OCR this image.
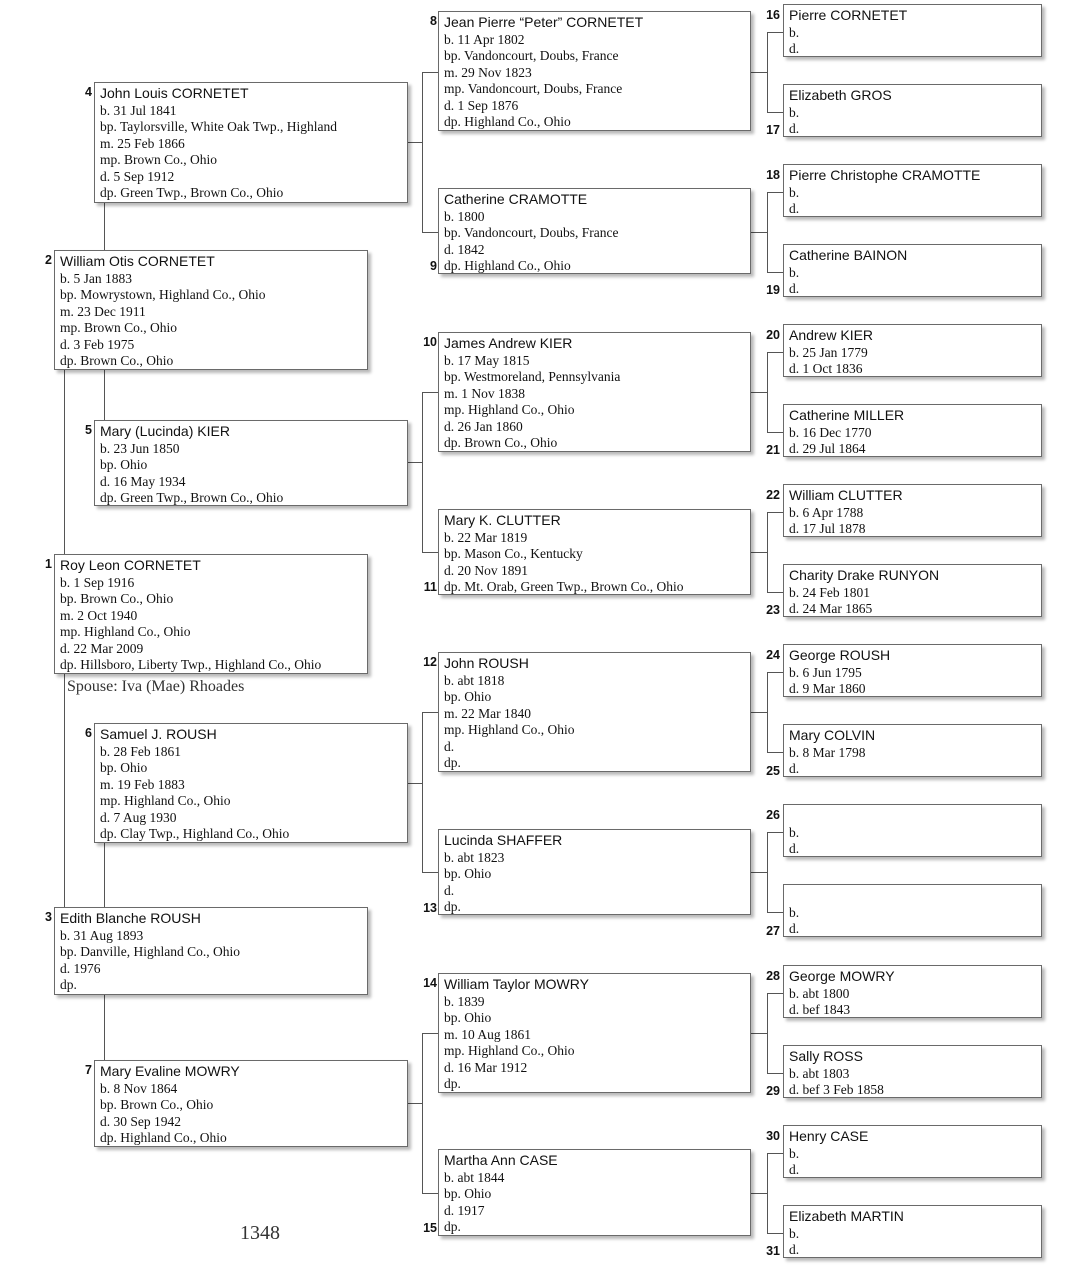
1 Roy Leon CORNETET
b. 1 Sep 1916
bp. Brown Co., Ohio
m. 2 Oct 1940
mp. Highland Co., Ohio
d. 22 Mar 2009
dp. Hillsboro, Liberty Twp., Highland Co., Ohio
Spouse: Iva (Mae) Rhoades
2 William Otis CORNETET
b. 5 Jan 1883
bp. Mowrystown, Highland Co., Ohio
m. 23 Dec 1911
mp. Brown Co., Ohio
d. 3 Feb 1975
dp. Brown Co., Ohio
3 Edith Blanche ROUSH
b. 31 Aug 1893
bp. Danville, Highland Co., Ohio
d. 1976
dp.
4 John Louis CORNETET
b. 31 Jul 1841
bp. Taylorsville, White Oak Twp., Highland
m. 25 Feb 1866
mp. Brown Co., Ohio
d. 5 Sep 1912
dp. Green Twp., Brown Co., Ohio
5 Mary (Lucinda) KIER
b. 23 Jun 1850
bp. Ohio
d. 16 May 1934
dp. Green Twp., Brown Co., Ohio
6 Samuel J. ROUSH
b. 28 Feb 1861
bp. Ohio
m. 19 Feb 1883
mp. Highland Co., Ohio
d. 7 Aug 1930
dp. Clay Twp., Highland Co., Ohio
7 Mary Evaline MOWRY
b. 8 Nov 1864
bp. Brown Co., Ohio
d. 30 Sep 1942
dp. Highland Co., Ohio
8 Jean Pierre “Peter” CORNETET
b. 11 Apr 1802
bp. Vandoncourt, Doubs, France
m. 29 Nov 1823
mp. Vandoncourt, Doubs, France
d. 1 Sep 1876
dp. Highland Co., Ohio
9
Catherine CRAMOTTE
b. 1800
bp. Vandoncourt, Doubs, France
d. 1842
dp. Highland Co., Ohio
10 James Andrew KIER
b. 17 May 1815
bp. Westmoreland, Pennsylvania
m. 1 Nov 1838
mp. Highland Co., Ohio
d. 26 Jan 1860
dp. Brown Co., Ohio
11
Mary K. CLUTTER
b. 22 Mar 1819
bp. Mason Co., Kentucky
d. 20 Nov 1891
dp. Mt. Orab, Green Twp., Brown Co., Ohio
12 John ROUSH
b. abt 1818
bp. Ohio
m. 22 Mar 1840
mp. Highland Co., Ohio
d.
dp.
13
Lucinda SHAFFER
b. abt 1823
bp. Ohio
d.
dp.
14 William Taylor MOWRY
b. 1839
bp. Ohio
m. 10 Aug 1861
mp. Highland Co., Ohio
d. 16 Mar 1912
dp.
15
Martha Ann CASE
b. abt 1844
bp. Ohio
d. 1917
dp.
16 Pierre CORNETET
b.
d.
17
Elizabeth GROS
b.
d.
18 Pierre Christophe CRAMOTTE
b.
d.
19
Catherine BAINON
b.
d.
20 Andrew KIER
b. 25 Jan 1779
d. 1 Oct 1836
21
Catherine MILLER
b. 16 Dec 1770
d. 29 Jul 1864
22 William CLUTTER
b. 6 Apr 1788
d. 17 Jul 1878
23
Charity Drake RUNYON
b. 24 Feb 1801
d. 24 Mar 1865
24 George ROUSH
b. 6 Jun 1795
d. 9 Mar 1860
25
Mary COLVIN
b. 8 Mar 1798
d.
26

b.
d.
27

b.
d.
28 George MOWRY
b. abt 1800
d. bef 1843
29
Sally ROSS
b. abt 1803
d. bef 3 Feb 1858
30 Henry CASE
b.
d.
31
Elizabeth MARTIN
b.
d.
1348
